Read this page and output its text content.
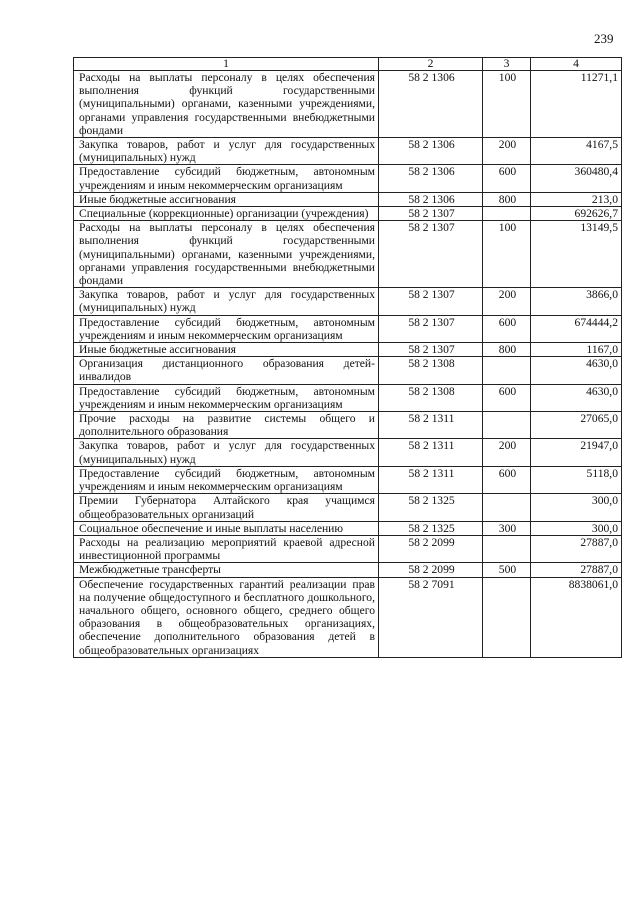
239
1	2	3	4
Расходы на выплаты персоналу в целях обеспечения выполнения функций государственными (муниципальными) органами, казенными учреждениями, органами управления государственными внебюджетными фондами	58 2 1306	100	11271,1
Закупка товаров, работ и услуг для государственных (муниципальных) нужд	58 2 1306	200	4167,5
Предоставление субсидий бюджетным, автономным учреждениям и иным некоммерческим организациям	58 2 1306	600	360480,4
Иные бюджетные ассигнования	58 2 1306	800	213,0
Специальные (коррекционные) организации (учреждения)	58 2 1307		692626,7
Расходы на выплаты персоналу в целях обеспечения выполнения функций государственными (муниципальными) органами, казенными учреждениями, органами управления государственными внебюджетными фондами	58 2 1307	100	13149,5
Закупка товаров, работ и услуг для государственных (муниципальных) нужд	58 2 1307	200	3866,0
Предоставление субсидий бюджетным, автономным учреждениям и иным некоммерческим организациям	58 2 1307	600	674444,2
Иные бюджетные ассигнования	58 2 1307	800	1167,0
Организация дистанционного образования детей-инвалидов	58 2 1308		4630,0
Предоставление субсидий бюджетным, автономным учреждениям и иным некоммерческим организациям	58 2 1308	600	4630,0
Прочие расходы на развитие системы общего и дополнительного образования	58 2 1311		27065,0
Закупка товаров, работ и услуг для государственных (муниципальных) нужд	58 2 1311	200	21947,0
Предоставление субсидий бюджетным, автономным учреждениям и иным некоммерческим организациям	58 2 1311	600	5118,0
Премии Губернатора Алтайского края учащимся общеобразовательных организаций	58 2 1325		300,0
Социальное обеспечение и иные выплаты населению	58 2 1325	300	300,0
Расходы на реализацию мероприятий краевой адресной инвестиционной программы	58 2 2099		27887,0
Межбюджетные трансферты	58 2 2099	500	27887,0
Обеспечение государственных гарантий реализации прав на получение общедоступного и бесплатного дошкольного, начального общего, основного общего, среднего общего образования в общеобразовательных организациях, обеспечение дополнительного образования детей в общеобразовательных организациях	58 2 7091		8838061,0
